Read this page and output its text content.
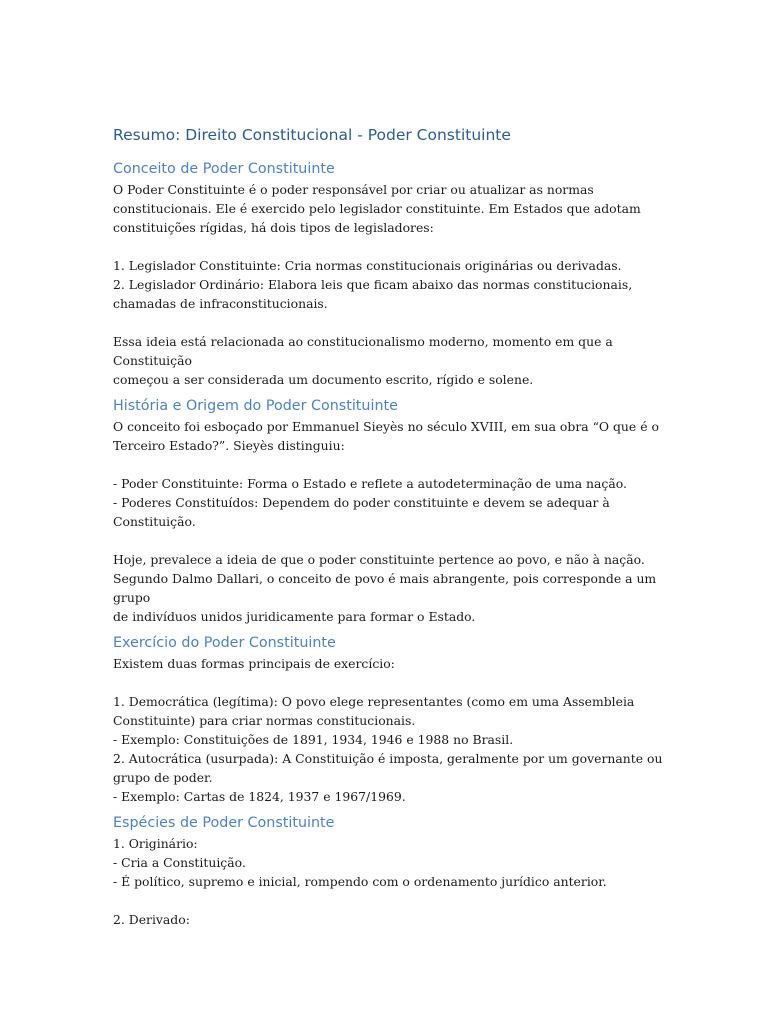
Resumo: Direito Constitucional - Poder Constituinte
Conceito de Poder Constituinte

O Poder Constituinte é o poder responsável por criar ou atualizar as normas
constitucionais. Ele é exercido pelo legislador constituinte. Em Estados que adotam
constituições rígidas, há dois tipos de legisladores:

1. Legislador Constituinte: Cria normas constitucionais originárias ou derivadas.
2. Legislador Ordinário: Elabora leis que ficam abaixo das normas constitucionais,
chamadas de infraconstitucionais.

Essa ideia está relacionada ao constitucionalismo moderno, momento em que a Constituição
começou a ser considerada um documento escrito, rígido e solene.

História e Origem do Poder Constituinte

O conceito foi esboçado por Emmanuel Sieyès no século XVIII, em sua obra “O que é o
Terceiro Estado?”. Sieyès distinguiu:

- Poder Constituinte: Forma o Estado e reflete a autodeterminação de uma nação.
- Poderes Constituídos: Dependem do poder constituinte e devem se adequar à
Constituição.

Hoje, prevalece a ideia de que o poder constituinte pertence ao povo, e não à nação.
Segundo Dalmo Dallari, o conceito de povo é mais abrangente, pois corresponde a um grupo
de indivíduos unidos juridicamente para formar o Estado.

Exercício do Poder Constituinte

Existem duas formas principais de exercício:

1. Democrática (legítima): O povo elege representantes (como em uma Assembleia
Constituinte) para criar normas constitucionais.
- Exemplo: Constituições de 1891, 1934, 1946 e 1988 no Brasil.
2. Autocrática (usurpada): A Constituição é imposta, geralmente por um governante ou
grupo de poder.
- Exemplo: Cartas de 1824, 1937 e 1967/1969.

Espécies de Poder Constituinte

1. Originário:
- Cria a Constituição.
- É político, supremo e inicial, rompendo com o ordenamento jurídico anterior.

2. Derivado:
